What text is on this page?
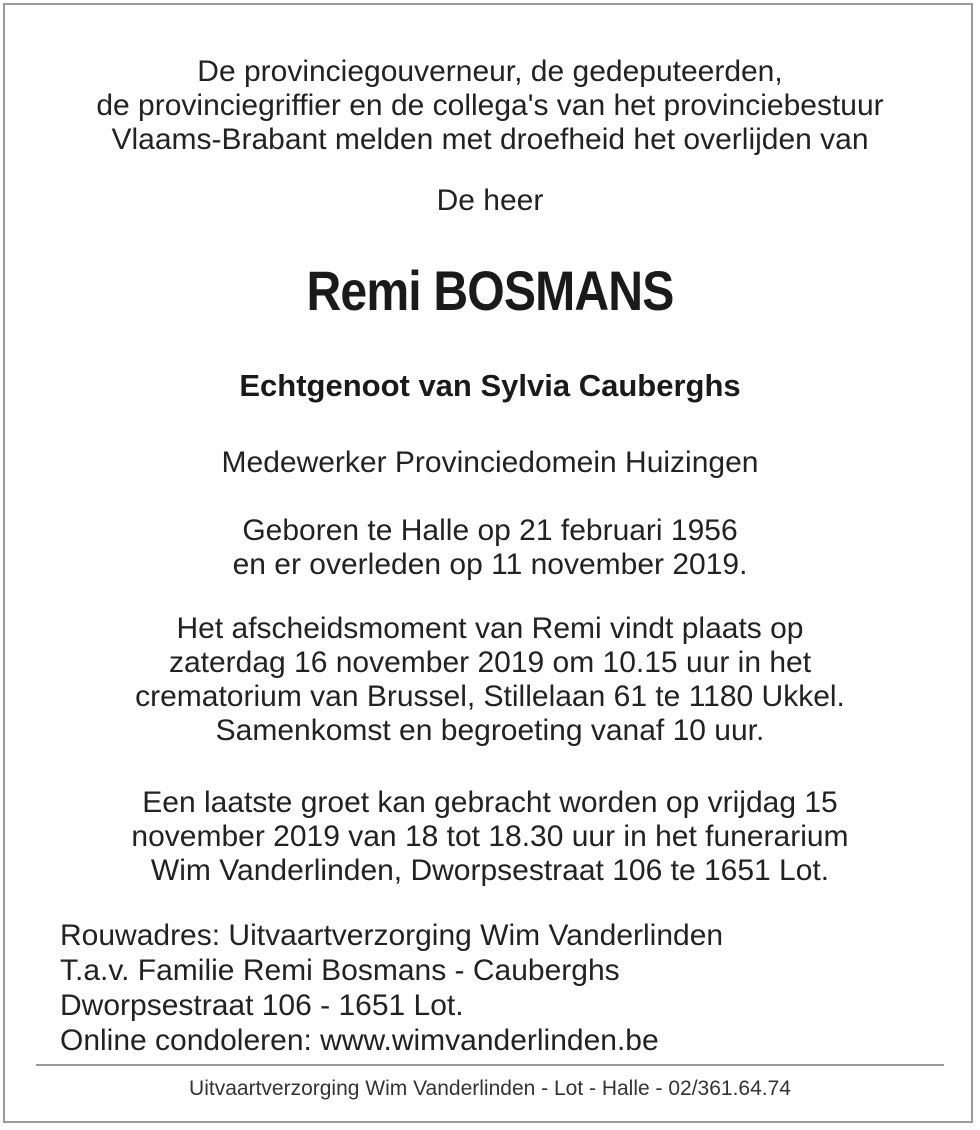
De provinciegouverneur, de gedeputeerden,
de provinciegriffier en de collega's van het provinciebestuur
Vlaams-Brabant melden met droefheid het overlijden van
De heer
Remi BOSMANS
Echtgenoot van Sylvia Cauberghs
Medewerker Provinciedomein Huizingen
Geboren te Halle op 21 februari 1956
en er overleden op 11 november 2019.
Het afscheidsmoment van Remi vindt plaats op
zaterdag 16 november 2019 om 10.15 uur in het
crematorium van Brussel, Stillelaan 61 te 1180 Ukkel.
Samenkomst en begroeting vanaf 10 uur.
Een laatste groet kan gebracht worden op vrijdag 15
november 2019 van 18 tot 18.30 uur in het funerarium
Wim Vanderlinden, Dworpsestraat 106 te 1651 Lot.
Rouwadres: Uitvaartverzorging Wim Vanderlinden
T.a.v. Familie Remi Bosmans - Cauberghs
Dworpsestraat 106 - 1651 Lot.
Online condoleren: www.wimvanderlinden.be
Uitvaartverzorging Wim Vanderlinden - Lot - Halle - 02/361.64.74
